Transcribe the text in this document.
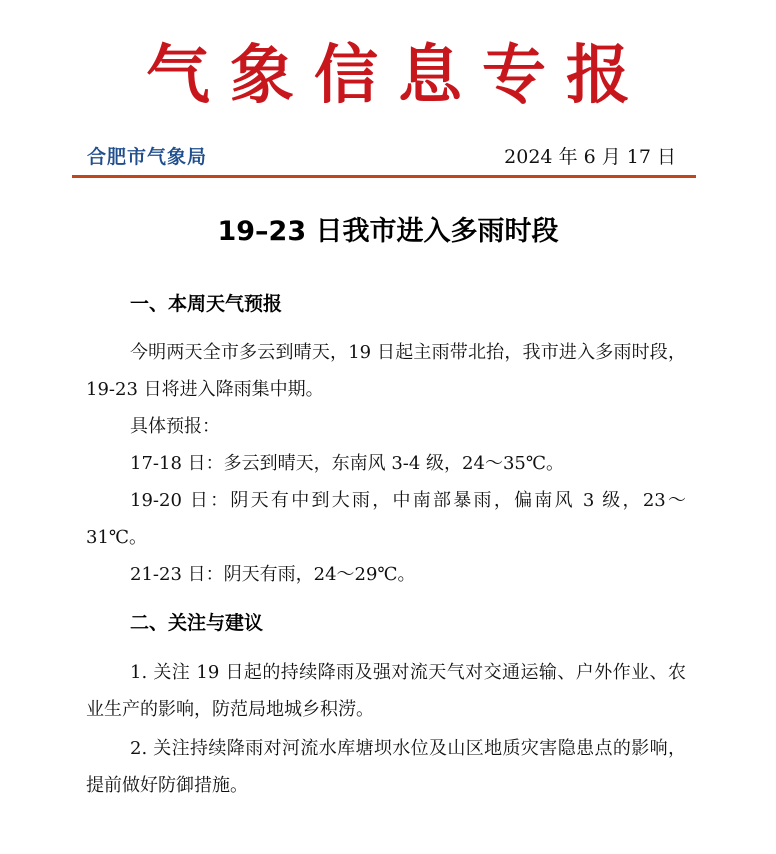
气象信息专报
合肥市气象局	2024 年 6 月 17 日
19–23 日我市进入多雨时段
一、本周天气预报
今明两天全市多云到晴天，19 日起主雨带北抬，我市进入多雨时段，19-23 日将进入降雨集中期。
具体预报：
17-18 日：多云到晴天，东南风 3-4 级，24～35℃。
19-20 日：阴天有中到大雨，中南部暴雨，偏南风 3 级，23～31℃。
21-23 日：阴天有雨，24～29℃。
二、关注与建议
1. 关注 19 日起的持续降雨及强对流天气对交通运输、户外作业、农业生产的影响，防范局地城乡积涝。
2. 关注持续降雨对河流水库塘坝水位及山区地质灾害隐患点的影响，提前做好防御措施。
